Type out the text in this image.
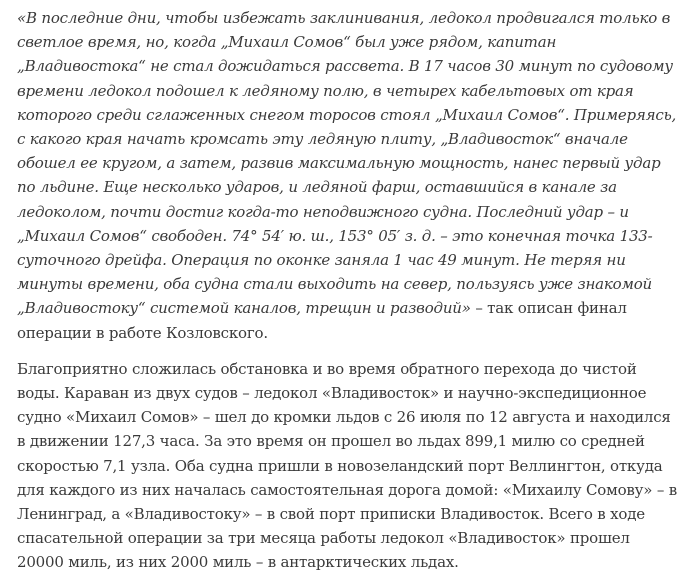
«В последние дни, чтобы избежать заклинивания, ледокол продвигался только в светлое время, но, когда „Михаил Сомов“ был уже рядом, капитан „Владивостока“ не стал дожидаться рассвета. В 17 часов 30 минут по судовому времени ледокол подошел к ледяному полю, в четырех кабельтовых от края которого среди сглаженных снегом торосов стоял „Михаил Сомов“. Примеряясь, с какого края начать кромсать эту ледяную плиту, „Владивосток“ вначале обошел ее кругом, а затем, развив максимальную мощность, нанес первый удар по льдине. Еще несколько ударов, и ледяной фарш, оставшийся в канале за ледоколом, почти достиг когда-то неподвижного судна. Последний удар – и „Михаил Сомов“ свободен. 74° 54′ ю. ш., 153° 05′ з. д. – это конечная точка 133-суточного дрейфа. Операция по оконке заняла 1 час 49 минут. Не теряя ни минуты времени, оба судна стали выходить на север, пользуясь уже знакомой „Владивостоку“ системой каналов, трещин и разводий» – так описан финал операции в работе Козловского.

Благоприятно сложилась обстановка и во время обратного перехода до чистой воды. Караван из двух судов – ледокол «Владивосток» и научно-экспедиционное судно «Михаил Сомов» – шел до кромки льдов с 26 июля по 12 августа и находился в движении 127,3 часа. За это время он прошел во льдах 899,1 милю со средней скоростью 7,1 узла. Оба судна пришли в новозеландский порт Веллингтон, откуда для каждого из них началась самостоятельная дорога домой: «Михаилу Сомову» – в Ленинград, а «Владивостоку» – в свой порт приписки Владивосток. Всего в ходе спасательной операции за три месяца работы ледокол «Владивосток» прошел 20000 миль, из них 2000 миль – в антарктических льдах.
